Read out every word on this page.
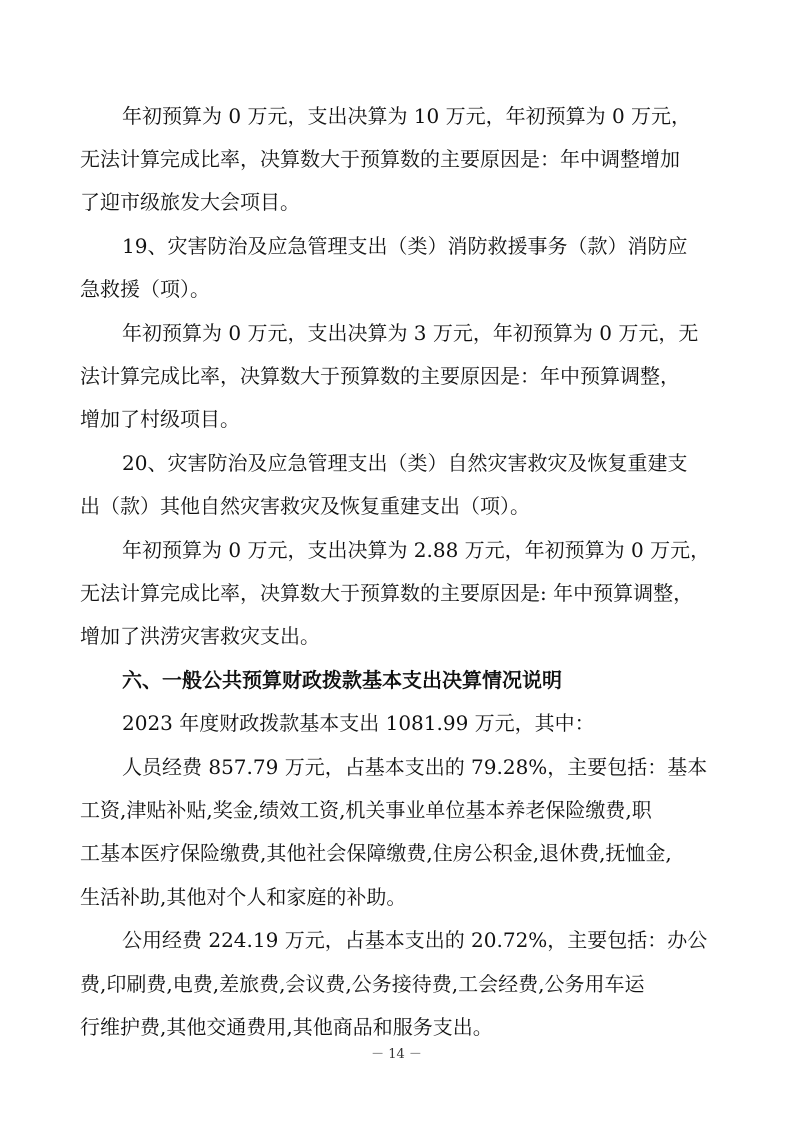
年初预算为 0 万元，支出决算为 10 万元，年初预算为 0 万元，
无法计算完成比率，决算数大于预算数的主要原因是：年中调整增加
了迎市级旅发大会项目。
19、灾害防治及应急管理支出（类）消防救援事务（款）消防应
急救援（项）。
年初预算为 0 万元，支出决算为 3 万元，年初预算为 0 万元，无
法计算完成比率，决算数大于预算数的主要原因是：年中预算调整，
增加了村级项目。
20、灾害防治及应急管理支出（类）自然灾害救灾及恢复重建支
出（款）其他自然灾害救灾及恢复重建支出（项）。
年初预算为 0 万元，支出决算为 2.88 万元，年初预算为 0 万元，
无法计算完成比率，决算数大于预算数的主要原因是: 年中预算调整，
增加了洪涝灾害救灾支出。
六、一般公共预算财政拨款基本支出决算情况说明
2023 年度财政拨款基本支出 1081.99 万元，其中：
人员经费 857.79 万元，占基本支出的 79.28%，主要包括：基本
工资,津贴补贴,奖金,绩效工资,机关事业单位基本养老保险缴费,职
工基本医疗保险缴费,其他社会保障缴费,住房公积金,退休费,抚恤金,
生活补助,其他对个人和家庭的补助。
公用经费 224.19 万元，占基本支出的 20.72%，主要包括：办公
费,印刷费,电费,差旅费,会议费,公务接待费,工会经费,公务用车运
行维护费,其他交通费用,其他商品和服务支出。
－ 14 －
